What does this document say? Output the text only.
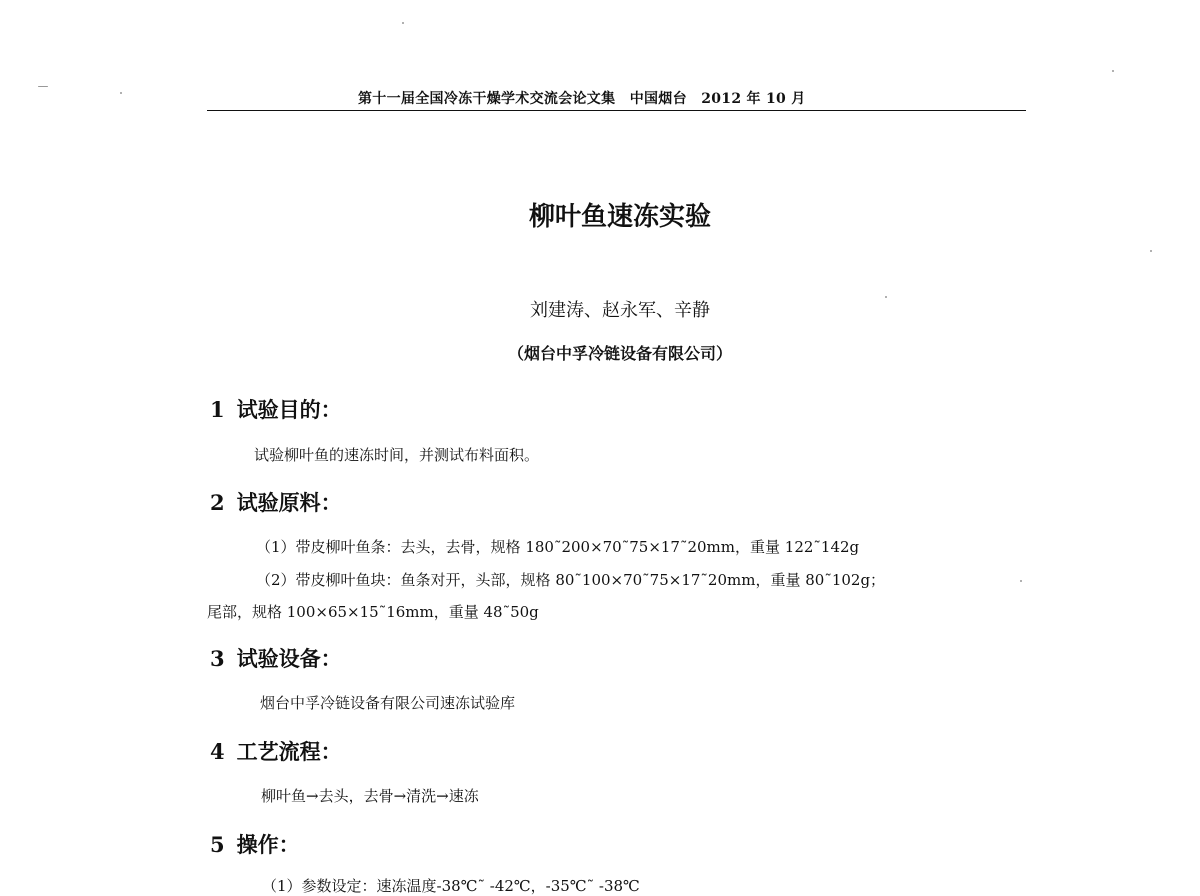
第十一届全国冷冻干燥学术交流会论文集　中国烟台　2012 年 10 月
柳叶鱼速冻实验
刘建涛、赵永军、辛静
（烟台中孚冷链设备有限公司）
1 试验目的：
试验柳叶鱼的速冻时间，并测试布料面积。
2 试验原料：
（1）带皮柳叶鱼条：去头，去骨，规格 180˜200×70˜75×17˜20mm，重量 122˜142g
（2）带皮柳叶鱼块：鱼条对开，头部，规格 80˜100×70˜75×17˜20mm，重量 80˜102g；
尾部，规格 100×65×15˜16mm，重量 48˜50g
3 试验设备：
烟台中孚冷链设备有限公司速冻试验库
4 工艺流程：
柳叶鱼→去头，去骨→清洗→速冻
5 操作：
（1）参数设定：速冻温度-38℃˜ -42℃，-35℃˜ -38℃
